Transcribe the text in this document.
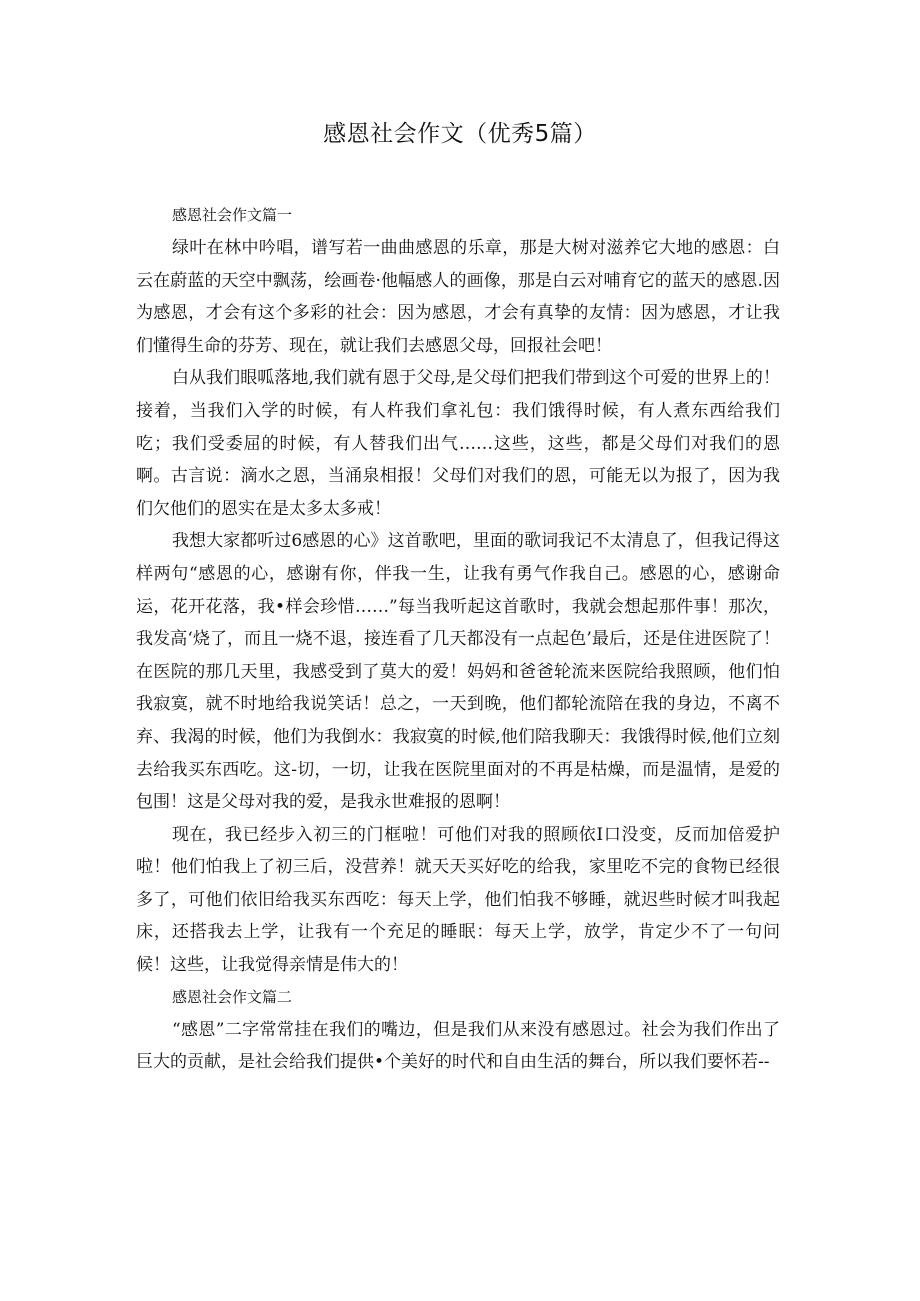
感恩社会作文（优秀5篇）
感恩社会作文篇一

绿叶在林中吟唱，谱写若一曲曲感恩的乐章，那是大树对滋养它大地的感恩：白云在蔚蓝的天空中飘荡，绘画卷·他幅感人的画像，那是白云对哺育它的蓝天的感恩.因为感恩，才会有这个多彩的社会：因为感恩，才会有真挚的友情：因为感恩，才让我们懂得生命的芬芳、现在，就让我们去感恩父母，回报社会吧！

白从我们眼呱落地,我们就有恩于父母,是父母们把我们带到这个可爱的世界上的！接着，当我们入学的时候，有人杵我们拿礼包：我们饿得时候，有人煮东西给我们吃；我们受委屈的时候，有人替我们出气……这些，这些，都是父母们对我们的恩啊。古言说：滴水之恩，当涌泉相报！父母们对我们的恩，可能无以为报了，因为我们欠他们的恩实在是太多太多戒！

我想大家都听过6感恩的心》这首歌吧，里面的歌词我记不太清息了，但我记得这样两句“感恩的心，感谢有你，伴我一生，让我有勇气作我自己。感恩的心，感谢命运，花开花落，我•样会珍惜……”每当我听起这首歌时，我就会想起那件事！那次，我发高‘烧了，而且一烧不退，接连看了几天都没有一点起色’最后，还是住进医院了！在医院的那几天里，我感受到了莫大的爱！妈妈和爸爸轮流来医院给我照顾，他们怕我寂寞，就不时地给我说笑话！总之，一天到晚，他们都轮流陪在我的身边，不离不弃、我渴的时候，他们为我倒水：我寂寞的时候,他们陪我聊天：我饿得时候,他们立刻去给我买东西吃。这-切，一切，让我在医院里面对的不再是枯燥，而是温情，是爱的包围！这是父母对我的爱，是我永世难报的恩啊！

现在，我已经步入初三的门框啦！可他们对我的照顾依I口没变，反而加倍爱护啦！他们怕我上了初三后，没营养！就天天买好吃的给我，家里吃不完的食物已经很多了，可他们依旧给我买东西吃：每天上学，他们怕我不够睡，就迟些时候才叫我起床，还搭我去上学，让我有一个充足的睡眠：每天上学，放学，肯定少不了一句问候！这些，让我觉得亲情是伟大的！

感恩社会作文篇二

“感恩”二字常常挂在我们的嘴边，但是我们从来没有感恩过。社会为我们作出了巨大的贡献，是社会给我们提供•个美好的时代和自由生活的舞台，所以我们要怀若--
